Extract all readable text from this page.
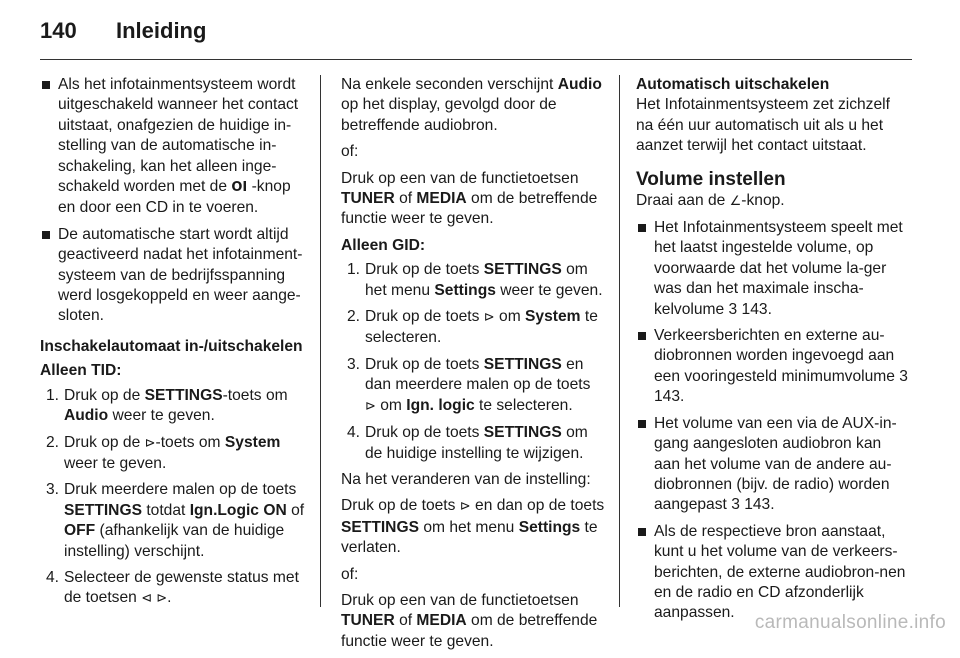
140 Inleiding
Als het infotainmentsysteem wordt uitgeschakeld wanneer het contact uitstaat, onafgezien de huidige in-stelling van de automatische in-schakeling, kan het alleen inge-schakeld worden met de OI -knop en door een CD in te voeren.
De automatische start wordt altijd geactiveerd nadat het infotainment-systeem van de bedrijfsspanning werd losgekoppeld en weer aange-sloten.
Inschakelautomaat in-/uitschakelen
Alleen TID:
1. Druk op de SETTINGS-toets om Audio weer te geven.
2. Druk op de ⊳-toets om System weer te geven.
3. Druk meerdere malen op de toets SETTINGS totdat Ign.Logic ON of OFF (afhankelijk van de huidige instelling) verschijnt.
4. Selecteer de gewenste status met de toetsen ⊲ ⊳.
Na enkele seconden verschijnt Audio op het display, gevolgd door de betreffende audiobron.
of:
Druk op een van de functietoetsen TUNER of MEDIA om de betreffende functie weer te geven.
Alleen GID:
1. Druk op de toets SETTINGS om het menu Settings weer te geven.
2. Druk op de toets ⊳ om System te selecteren.
3. Druk op de toets SETTINGS en dan meerdere malen op de toets ⊳ om Ign. logic te selecteren.
4. Druk op de toets SETTINGS om de huidige instelling te wijzigen.
Na het veranderen van de instelling:
Druk op de toets ⊳ en dan op de toets SETTINGS om het menu Settings te verlaten.
of:
Druk op een van de functietoetsen TUNER of MEDIA om de betreffende functie weer te geven.
Automatisch uitschakelen
Het Infotainmentsysteem zet zichzelf na één uur automatisch uit als u het aanzet terwijl het contact uitstaat.
Volume instellen
Draai aan de ∠-knop.
Het Infotainmentsysteem speelt met het laatst ingestelde volume, op voorwaarde dat het volume la-ger was dan het maximale inscha-kelvolume 3 143.
Verkeersberichten en externe au-diobronnen worden ingevoegd aan een vooringesteld minimumvolume 3 143.
Het volume van een via de AUX-in-gang aangesloten audiobron kan aan het volume van de andere au-diobronnen (bijv. de radio) worden aangepast 3 143.
Als de respectieve bron aanstaat, kunt u het volume van de verkeers-berichten, de externe audiobron-nen en de radio en CD afzonderlijk aanpassen.	carmanualsonline.info
